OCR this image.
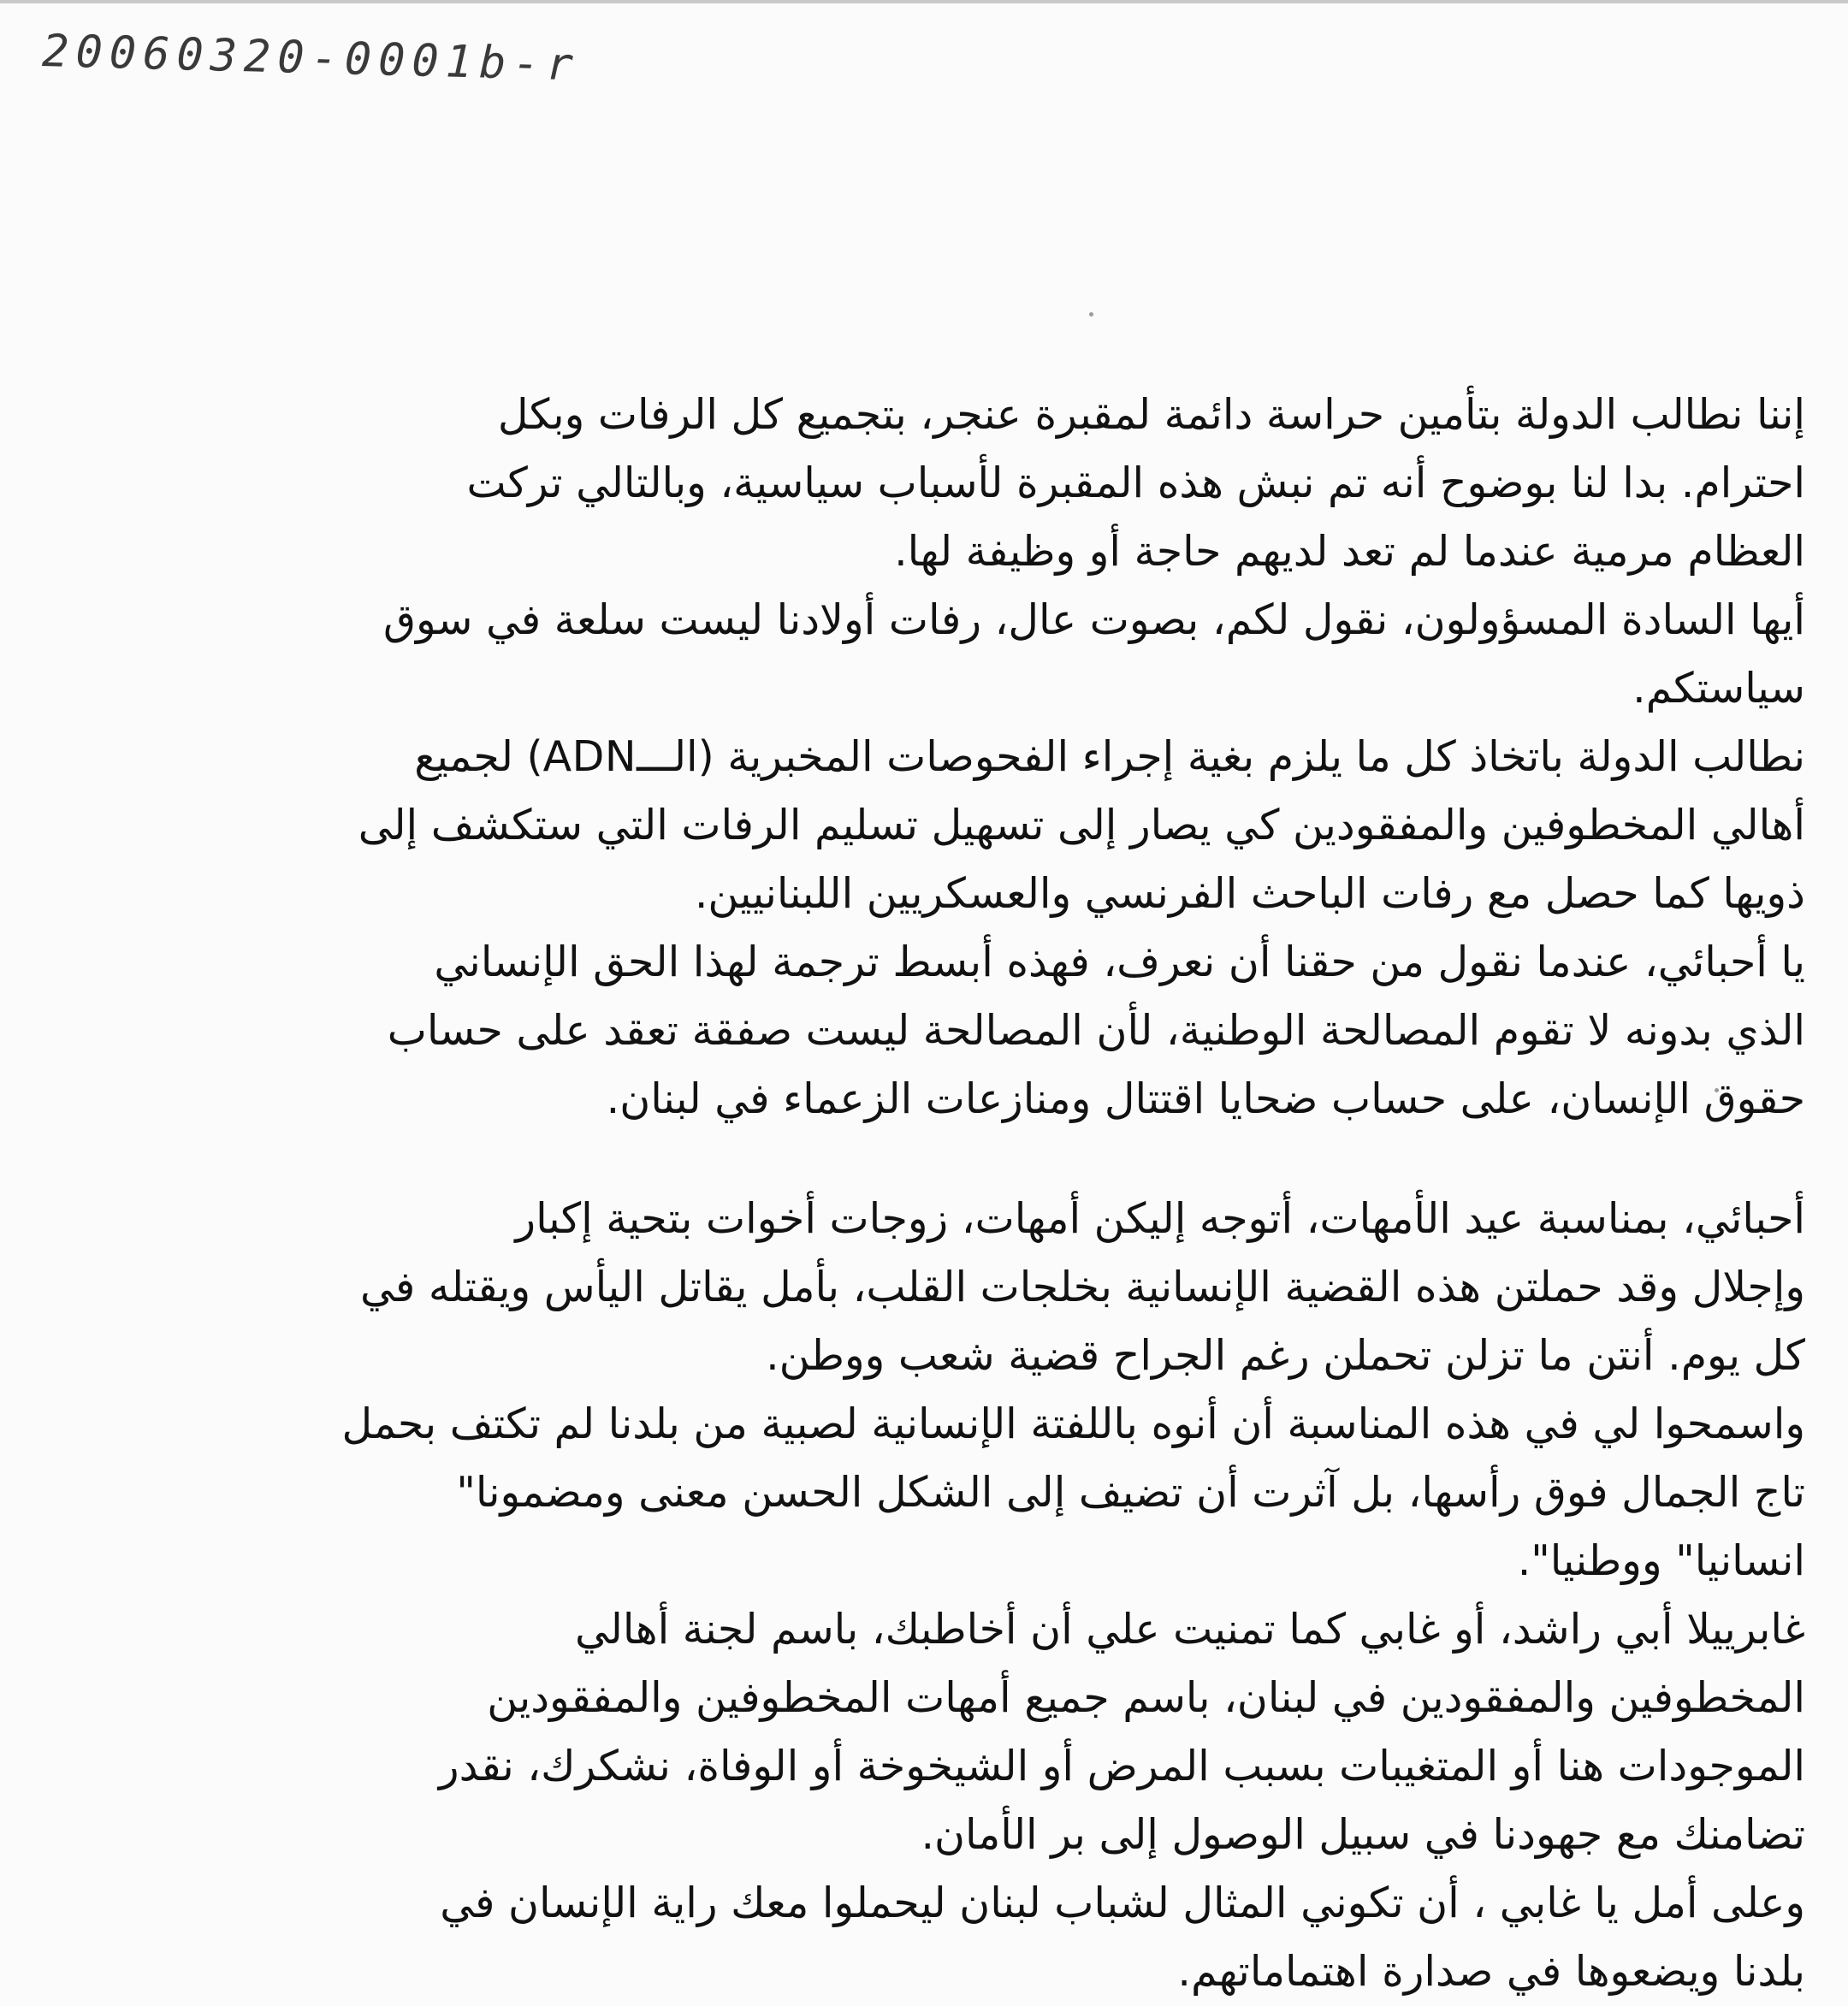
20060320-0001b-r
إننا نطالب الدولة بتأمين حراسة دائمة لمقبرة عنجر، بتجميع كل الرفات وبكل
احترام. بدا لنا بوضوح أنه تم نبش هذه المقبرة لأسباب سياسية، وبالتالي تركت
العظام مرمية عندما لم تعد لديهم حاجة أو وظيفة لها.
أيها السادة المسؤولون، نقول لكم، بصوت عال، رفات أولادنا ليست سلعة في سوق
سياستكم.
نطالب الدولة باتخاذ كل ما يلزم بغية إجراء الفحوصات المخبرية (الـــADN) لجميع
أهالي المخطوفين والمفقودين كي يصار إلى تسهيل تسليم الرفات التي ستكشف إلى
ذويها كما حصل مع رفات الباحث الفرنسي والعسكريين اللبنانيين.
يا أحبائي، عندما نقول من حقنا أن نعرف، فهذه أبسط ترجمة لهذا الحق الإنساني
الذي بدونه لا تقوم المصالحة الوطنية، لأن المصالحة ليست صفقة تعقد على حساب
حقوق الإنسان، على حساب ضحايا اقتتال ومنازعات الزعماء في لبنان.
أحبائي، بمناسبة عيد الأمهات، أتوجه إليكن أمهات، زوجات أخوات بتحية إكبار
وإجلال وقد حملتن هذه القضية الإنسانية بخلجات القلب، بأمل يقاتل اليأس ويقتله في
كل يوم. أنتن ما تزلن تحملن رغم الجراح قضية شعب ووطن.
واسمحوا لي في هذه المناسبة أن أنوه باللفتة الإنسانية لصبية من بلدنا لم تكتف بحمل
تاج الجمال فوق رأسها، بل آثرت أن تضيف إلى الشكل الحسن معنى ومضمونا"
انسانيا" ووطنيا".
غابرييلا أبي راشد، أو غابي كما تمنيت علي أن أخاطبك، باسم لجنة أهالي
المخطوفين والمفقودين في لبنان، باسم جميع أمهات المخطوفين والمفقودين
الموجودات هنا أو المتغيبات بسبب المرض أو الشيخوخة أو الوفاة، نشكرك، نقدر
تضامنك مع جهودنا في سبيل الوصول إلى بر الأمان.
وعلى أمل يا غابي ، أن تكوني المثال لشباب لبنان ليحملوا معك راية الإنسان في
بلدنا ويضعوها في صدارة اهتماماتهم.
